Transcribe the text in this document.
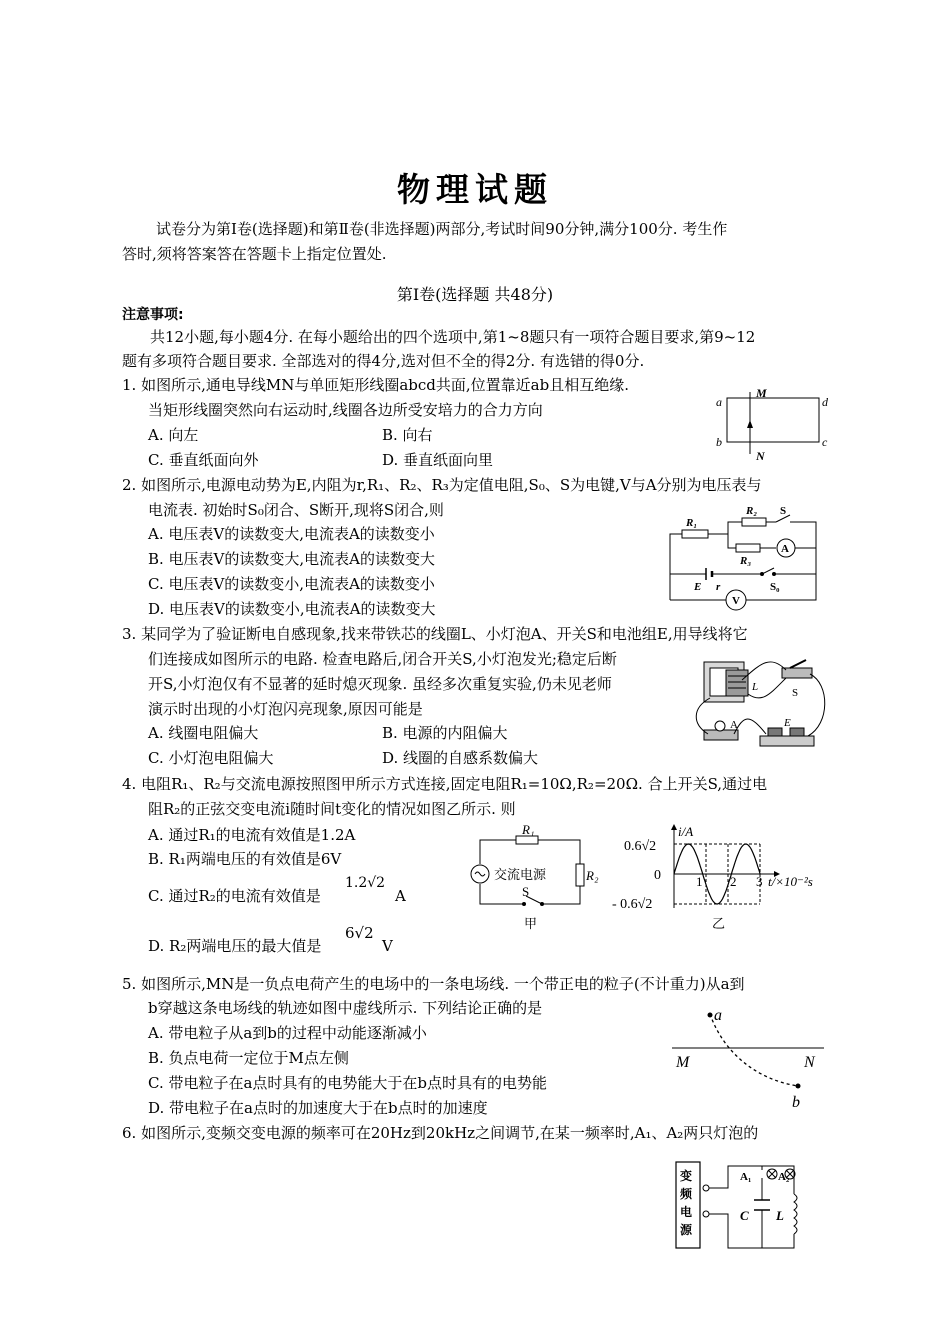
物理试题
试卷分为第Ⅰ卷(选择题)和第Ⅱ卷(非选择题)两部分,考试时间90分钟,满分100分. 考生作
答时,须将答案答在答题卡上指定位置处.
第Ⅰ卷(选择题 共48分)
注意事项:
共12小题,每小题4分. 在每小题给出的四个选项中,第1~8题只有一项符合题目要求,第9~12
题有多项符合题目要求. 全部选对的得4分,选对但不全的得2分. 有选错的得0分.
1. 如图所示,通电导线MN与单匝矩形线圈abcd共面,位置靠近ab且相互绝缘.
当矩形线圈突然向右运动时,线圈各边所受安培力的合力方向
A. 向左	B. 向右
C. 垂直纸面向外	D. 垂直纸面向里
M
N
a
b	c
d
2. 如图所示,电源电动势为E,内阻为r,R₁、R₂、R₃为定值电阻,S₀、S为电键,V与A分别为电压表与
电流表. 初始时S₀闭合、S断开,现将S闭合,则
A. 电压表V的读数变大,电流表A的读数变小
B. 电压表V的读数变大,电流表A的读数变大
C. 电压表V的读数变小,电流表A的读数变小
D. 电压表V的读数变小,电流表A的读数变大
R₁
R₂ S
A
R₃
E r	S₀
V
3. 某同学为了验证断电自感现象,找来带铁芯的线圈L、小灯泡A、开关S和电池组E,用导线将它
们连接成如图所示的电路. 检查电路后,闭合开关S,小灯泡发光;稳定后断
开S,小灯泡仅有不显著的延时熄灭现象. 虽经多次重复实验,仍未见老师
演示时出现的小灯泡闪亮现象,原因可能是
A. 线圈电阻偏大	B. 电源的内阻偏大
C. 小灯泡电阻偏大	D. 线圈的自感系数偏大
L	S
A	E
4. 电阻R₁、R₂与交流电源按照图甲所示方式连接,固定电阻R₁=10Ω,R₂=20Ω. 合上开关S,通过电
阻R₂的正弦交变电流i随时间t变化的情况如图乙所示. 则
A. 通过R₁的电流有效值是1.2A
B. R₁两端电压的有效值是6V
C. 通过R₂的电流有效值是
1.2√2
A
D. R₂两端电压的最大值是
6√2
V
R₁
R₂
交流电源
S
甲
i/A
0.6√2
0
- 0.6√2
1 2 3 t/×10⁻²s
乙
5. 如图所示,MN是一负点电荷产生的电场中的一条电场线. 一个带正电的粒子(不计重力)从a到
b穿越这条电场线的轨迹如图中虚线所示. 下列结论正确的是
A. 带电粒子从a到b的过程中动能逐渐减小
B. 负点电荷一定位于M点左侧
C. 带电粒子在a点时具有的电势能大于在b点时具有的电势能
D. 带电粒子在a点时的加速度大于在b点时的加速度
a
b
M	N
6. 如图所示,变频交变电源的频率可在20Hz到20kHz之间调节,在某一频率时,A₁、A₂两只灯泡的
变
频
电
源
A₁ A₂
C L
